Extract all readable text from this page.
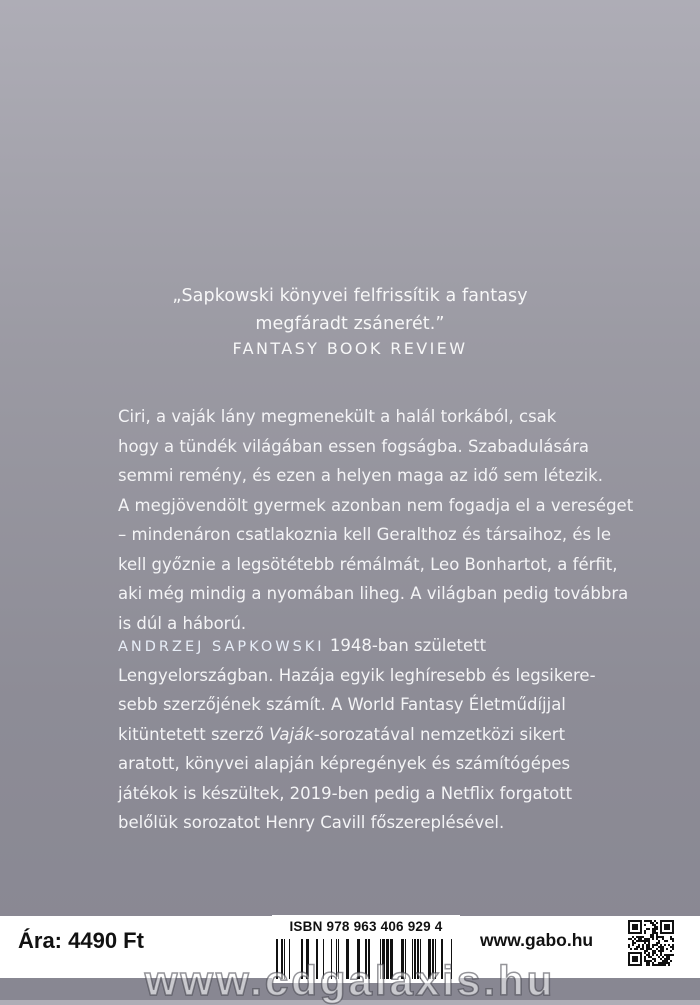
„Sapkowski könyvei felfrissítik a fantasy
megfáradt zsánerét.”
FANTASY BOOK REVIEW
Ciri, a vaják lány megmenekült a halál torkából, csak
hogy a tündék világában essen fogságba. Szabadulására
semmi remény, és ezen a helyen maga az idő sem létezik.
A megjövendölt gyermek azonban nem fogadja el a vereséget
– mindenáron csatlakoznia kell Geralthoz és társaihoz, és le
kell győznie a legsötétebb rémálmát, Leo Bonhartot, a férfit,
aki még mindig a nyomában liheg. A világban pedig továbbra
is dúl a háború.
ANDRZEJ SAPKOWSKI 1948-ban született
Lengyelországban. Hazája egyik leghíresebb és legsikere-
sebb szerzőjének számít. A World Fantasy Életműdíjjal
kitüntetett szerző Vaják-sorozatával nemzetközi sikert
aratott, könyvei alapján képregények és számítógépes
játékok is készültek, 2019-ben pedig a Netflix forgatott
belőlük sorozatot Henry Cavill főszereplésével.
Ára: 4490 Ft
ISBN 978 963 406 929 4
www.gabo.hu
www.cdgalaxis.hu
